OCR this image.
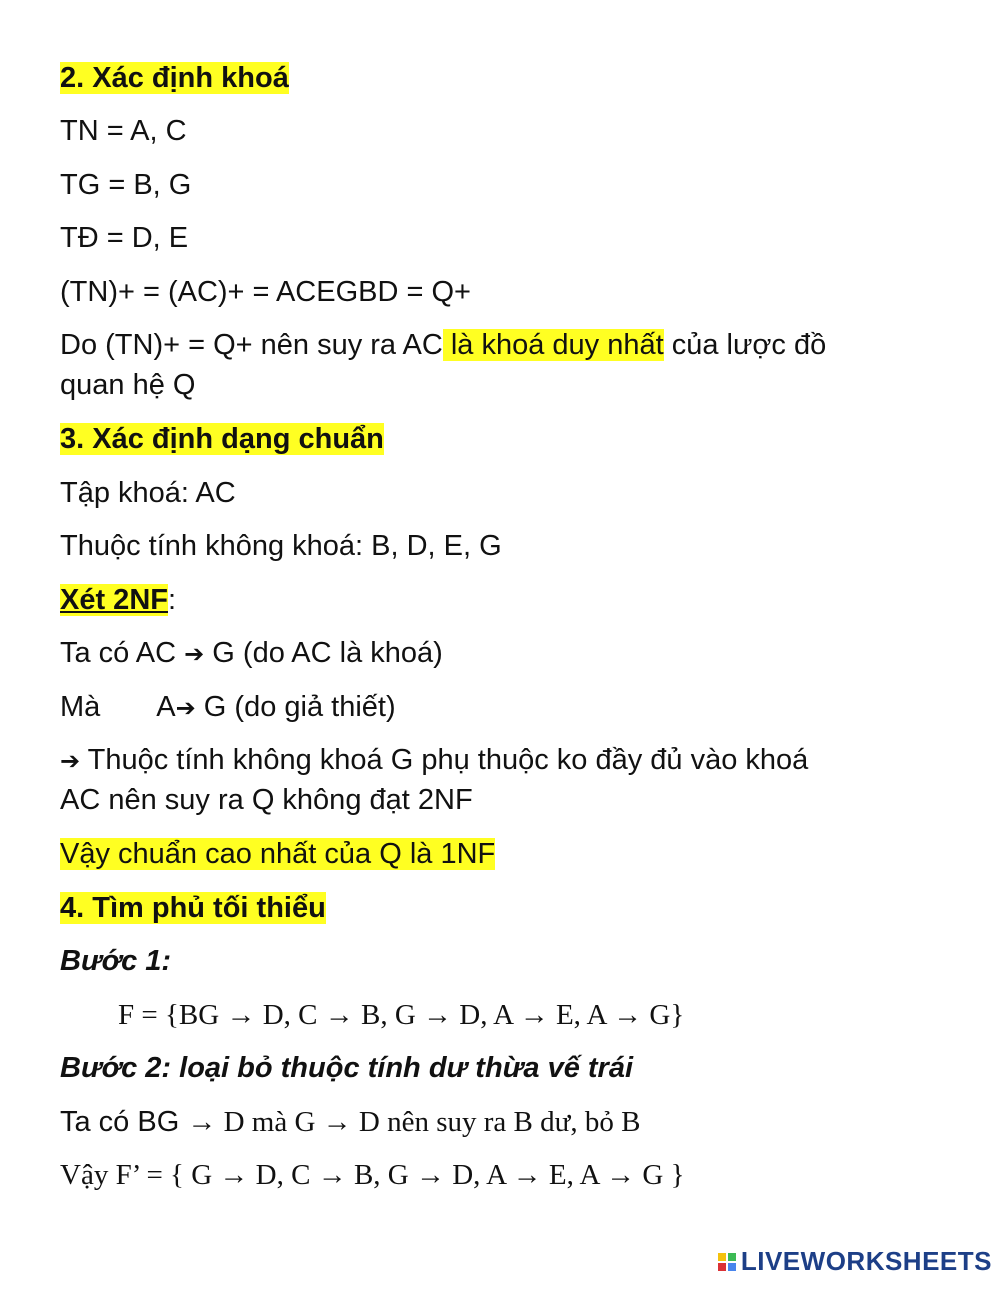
2. Xác định khoá
TN = A, C
TG = B, G
TĐ = D, E
(TN)+ = (AC)+ = ACEGBD = Q+
Do (TN)+ = Q+ nên suy ra AC là khoá duy nhất của lược đồ
quan hệ Q
3. Xác định dạng chuẩn
Tập khoá: AC
Thuộc tính không khoá: B, D, E, G
Xét 2NF:
Ta có AC ➔ G (do AC là khoá)
Mà A➔ G (do giả thiết)
➔ Thuộc tính không khoá G phụ thuộc ko đầy đủ vào khoá
AC nên suy ra Q không đạt 2NF
Vậy chuẩn cao nhất của Q là 1NF
4. Tìm phủ tối thiểu
Bước 1:
F = {BG → D, C → B, G → D, A → E, A → G}
Bước 2: loại bỏ thuộc tính dư thừa vế trái
Ta có BG → D mà G → D nên suy ra B dư, bỏ B
Vậy F’ = { G → D, C → B, G → D, A → E, A → G }
LIVEWORKSHEETS
